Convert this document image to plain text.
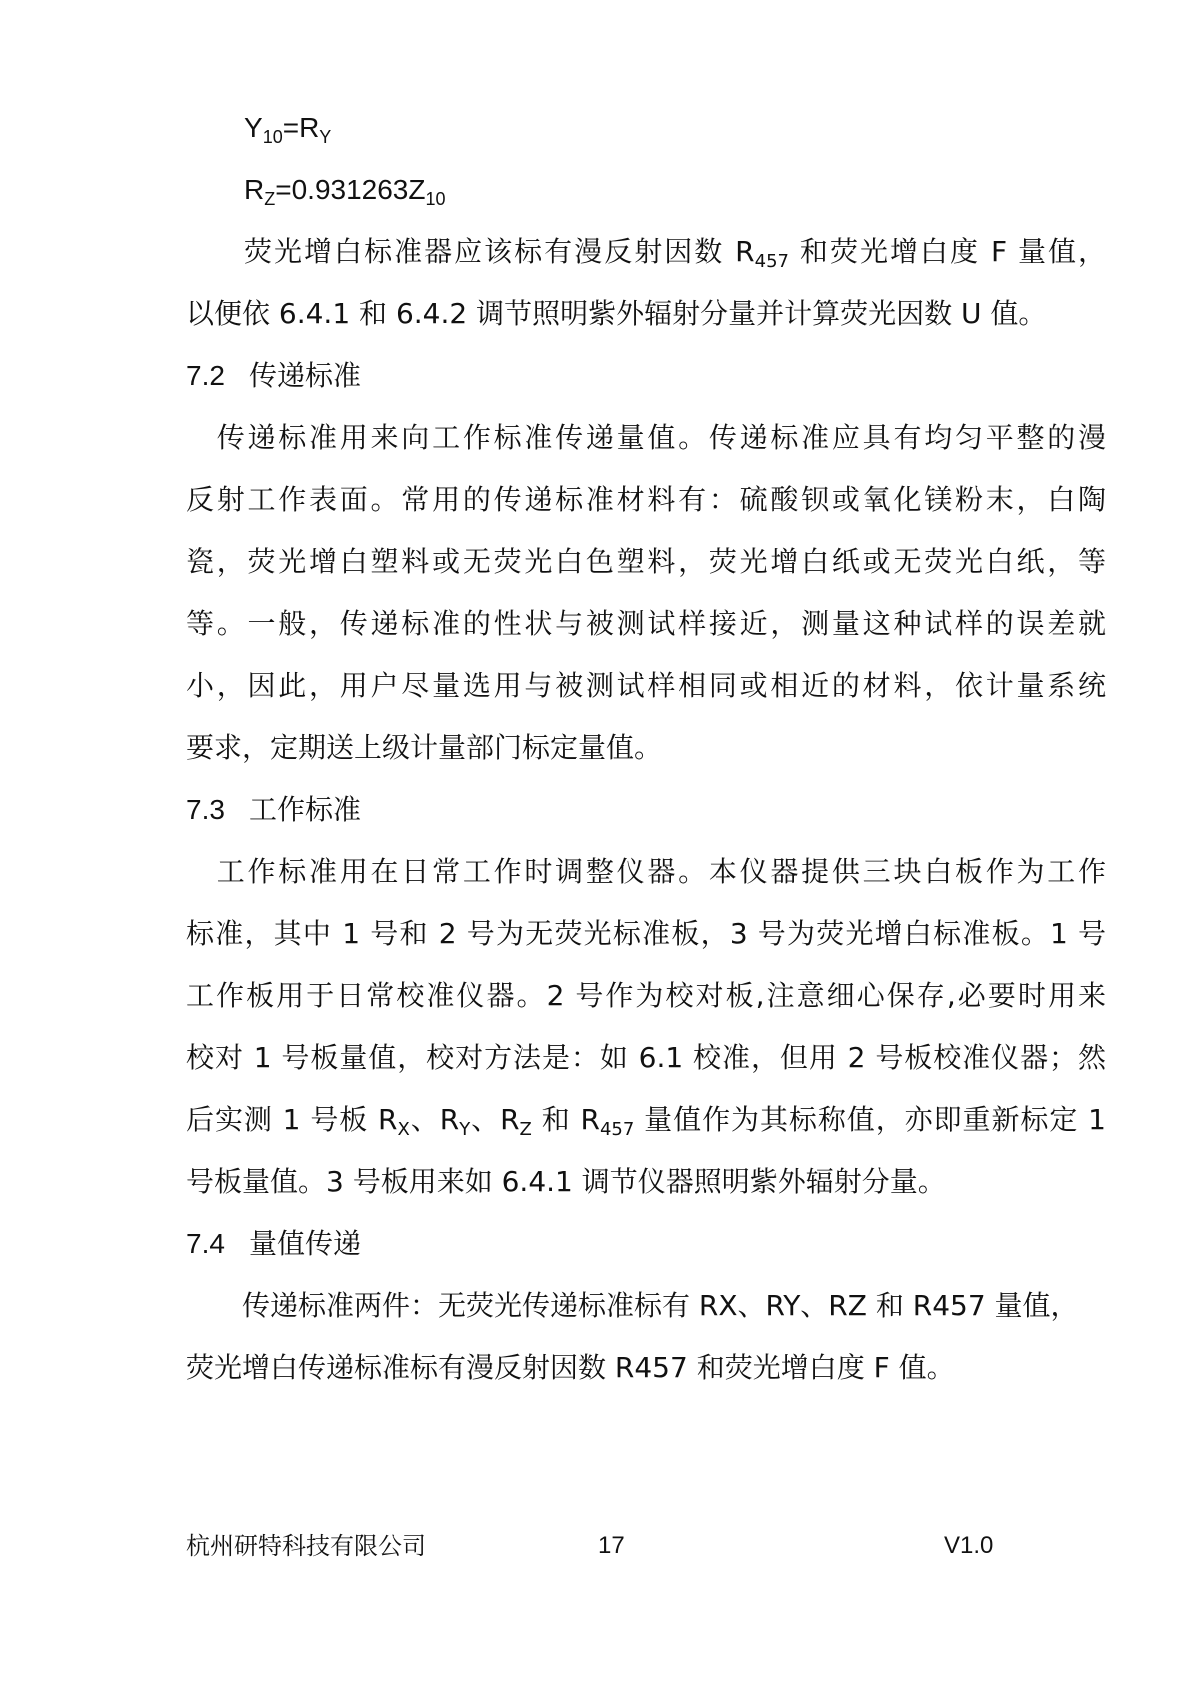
$Y_{10}=R_Y$
$R_Z=0.931263Z_{10}$
荧光增白标准器应该标有漫反射因数 $R_{457}$ 和荧光增白度 F 量值，
以便依 6.4.1 和 6.4.2 调节照明紫外辐射分量并计算荧光因数 U 值。
7.2 传递标准
　传递标准用来向工作标准传递量值。传递标准应具有均匀平整的漫
反射工作表面。常用的传递标准材料有：硫酸钡或氧化镁粉末，白陶
瓷，荧光增白塑料或无荧光白色塑料，荧光增白纸或无荧光白纸，等
等。一般，传递标准的性状与被测试样接近，测量这种试样的误差就
小，因此，用户尽量选用与被测试样相同或相近的材料，依计量系统
要求，定期送上级计量部门标定量值。
7.3 工作标准
　工作标准用在日常工作时调整仪器。本仪器提供三块白板作为工作
标准，其中 1 号和 2 号为无荧光标准板，3 号为荧光增白标准板。1 号
工作板用于日常校准仪器。2 号作为校对板,注意细心保存,必要时用来
校对 1 号板量值，校对方法是：如 6.1 校准，但用 2 号板校准仪器；然
后实测 1 号板 $R_X$、$R_Y$、$R_Z$ 和 $R_{457}$ 量值作为其标称值，亦即重新标定 1
号板量值。3 号板用来如 6.4.1 调节仪器照明紫外辐射分量。
7.4 量值传递
　　传递标准两件：无荧光传递标准标有 RX、RY、RZ 和 R457 量值，
荧光增白传递标准标有漫反射因数 R457 和荧光增白度 F 值。
杭州研特科技有限公司	17	V1.0
